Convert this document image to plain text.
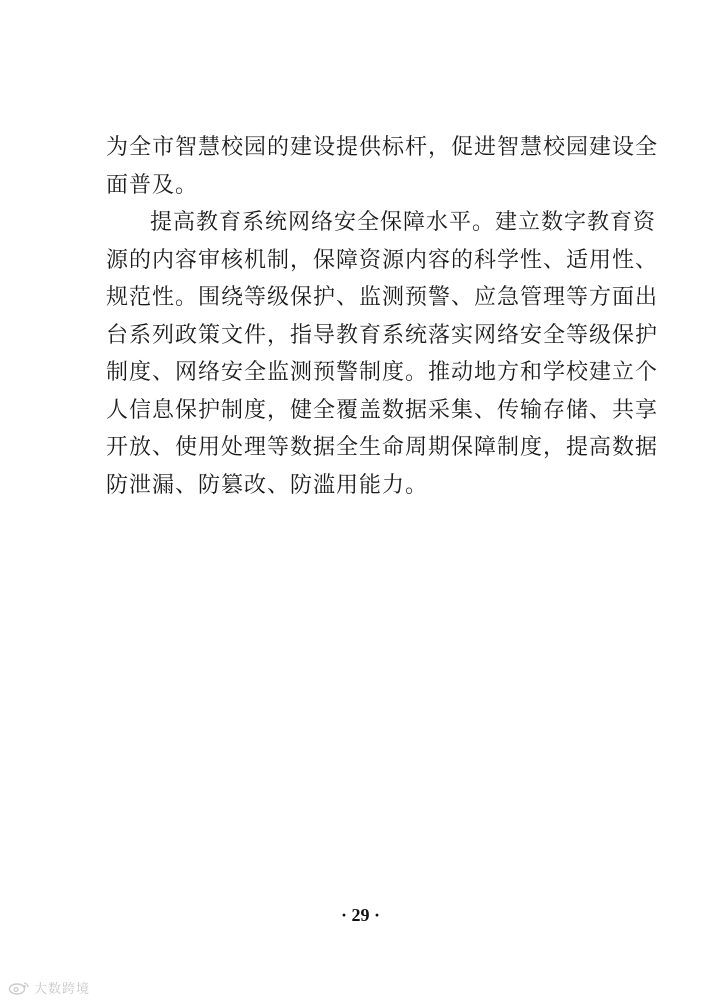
为全市智慧校园的建设提供标杆，促进智慧校园建设全
面普及。
提高教育系统网络安全保障水平。建立数字教育资
源的内容审核机制，保障资源内容的科学性、适用性、
规范性。围绕等级保护、监测预警、应急管理等方面出
台系列政策文件，指导教育系统落实网络安全等级保护
制度、网络安全监测预警制度。推动地方和学校建立个
人信息保护制度，健全覆盖数据采集、传输存储、共享
开放、使用处理等数据全生命周期保障制度，提高数据
防泄漏、防篡改、防滥用能力。
· 29 ·
大数跨境
